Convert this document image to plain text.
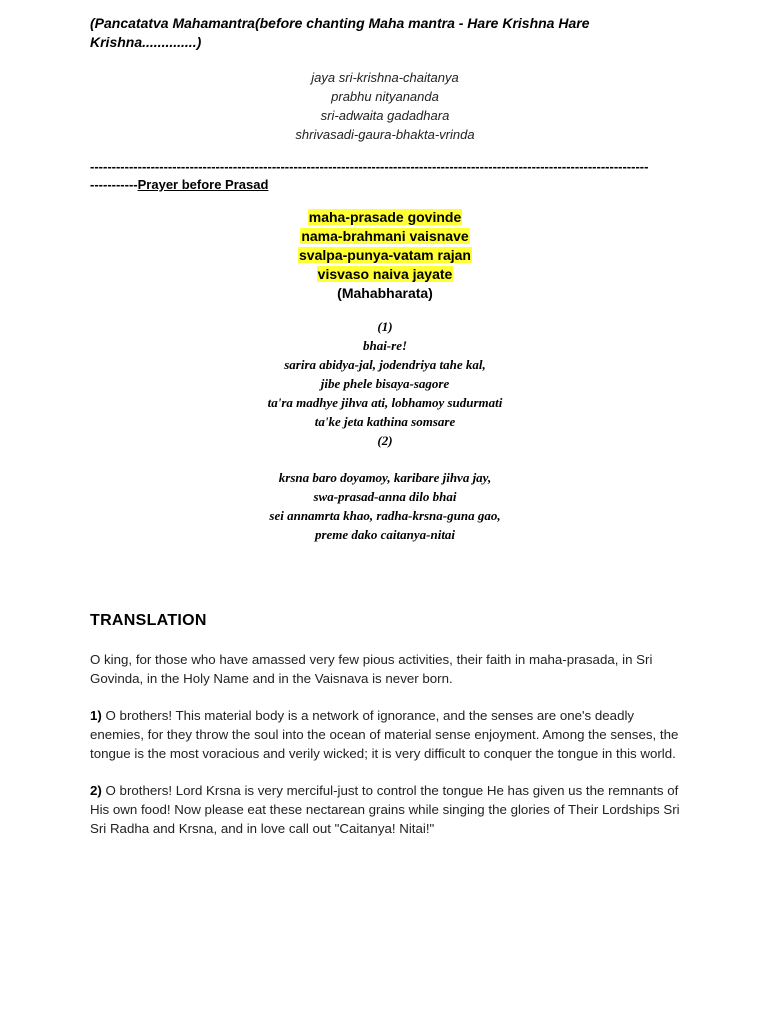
(Pancatatva Mahamantra(before chanting Maha mantra - Hare Krishna Hare
Krishna..............)

jaya sri-krishna-chaitanya
prabhu nityananda
sri-adwaita gadadhara
shrivasadi-gaura-bhakta-vrinda
---------------------------------------------------------------------------------------------------------------------------------
-----------Prayer before Prasad
maha-prasade govinde
nama-brahmani vaisnave
svalpa-punya-vatam rajan
visvaso naiva jayate
(Mahabharata)
(1)
bhai-re!
sarira abidya-jal, jodendriya tahe kal,
jibe phele bisaya-sagore
ta'ra madhye jihva ati, lobhamoy sudurmati
ta'ke jeta kathina somsare
(2)
krsna baro doyamoy, karibare jihva jay,
swa-prasad-anna dilo bhai
sei annamrta khao, radha-krsna-guna gao,
preme dako caitanya-nitai
TRANSLATION

O king, for those who have amassed very few pious activities, their faith in maha-prasada, in Sri Govinda, in the Holy Name and in the Vaisnava is never born.

1) O brothers! This material body is a network of ignorance, and the senses are one's deadly enemies, for they throw the soul into the ocean of material sense enjoyment. Among the senses, the tongue is the most voracious and verily wicked; it is very difficult to conquer the tongue in this world.

2) O brothers! Lord Krsna is very merciful-just to control the tongue He has given us the remnants of His own food! Now please eat these nectarean grains while singing the glories of Their Lordships Sri Sri Radha and Krsna, and in love call out "Caitanya! Nitai!"
